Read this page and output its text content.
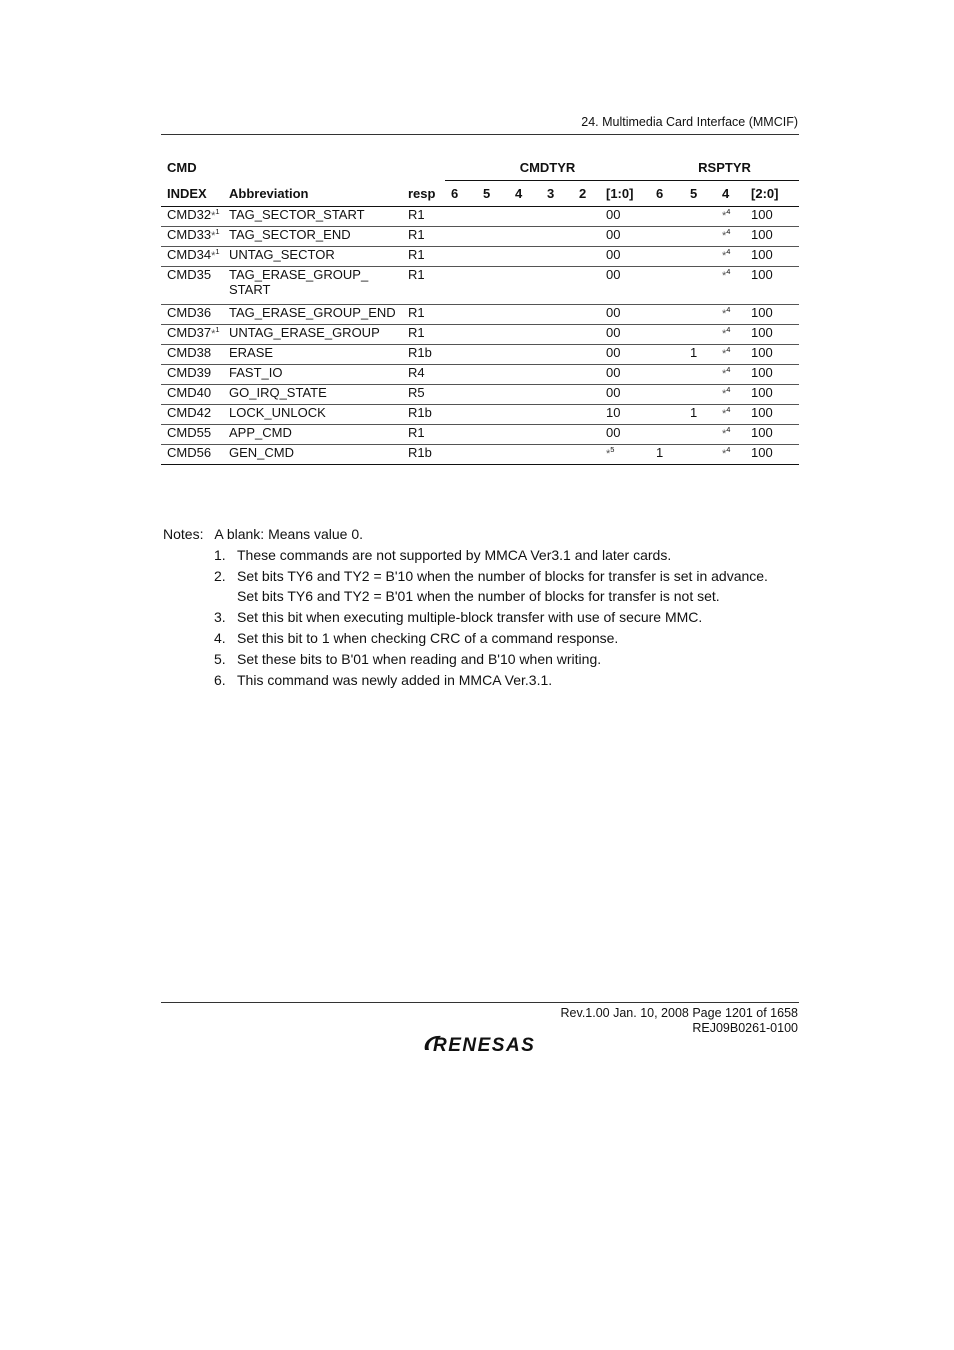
24. Multimedia Card Interface (MMCIF)
CMD			CMDTYR						RSPTYR			
INDEX	Abbreviation	resp	6	5	4	3	2	[1:0]	6	5	4	[2:0]
CMD32*$^1$	TAG_SECTOR_START	R1						00			*$^4$	100
CMD33*$^1$	TAG_SECTOR_END	R1						00			*$^4$	100
CMD34*$^1$	UNTAG_SECTOR	R1						00			*$^4$	100
CMD35	TAG_ERASE_GROUP_
START	R1						00			*$^4$	100
CMD36	TAG_ERASE_GROUP_END	R1						00			*$^4$	100
CMD37*$^1$	UNTAG_ERASE_GROUP	R1						00			*$^4$	100
CMD38	ERASE	R1b						00		1	*$^4$	100
CMD39	FAST_IO	R4						00			*$^4$	100
CMD40	GO_IRQ_STATE	R5						00			*$^4$	100
CMD42	LOCK_UNLOCK	R1b						10		1	*$^4$	100
CMD55	APP_CMD	R1						00			*$^4$	100
CMD56	GEN_CMD	R1b						*$^5$	1		*$^4$	100
Notes: A blank: Means value 0.
1. These commands are not supported by MMCA Ver3.1 and later cards.
2. Set bits TY6 and TY2 = B'10 when the number of blocks for transfer is set in advance.
Set bits TY6 and TY2 = B'01 when the number of blocks for transfer is not set.
3. Set this bit when executing multiple-block transfer with use of secure MMC.
4. Set this bit to 1 when checking CRC of a command response.
5. Set these bits to B'01 when reading and B'10 when writing.
6. This command was newly added in MMCA Ver.3.1.
Rev.1.00 Jan. 10, 2008 Page 1201 of 1658
REJ09B0261-0100
RENESAS
